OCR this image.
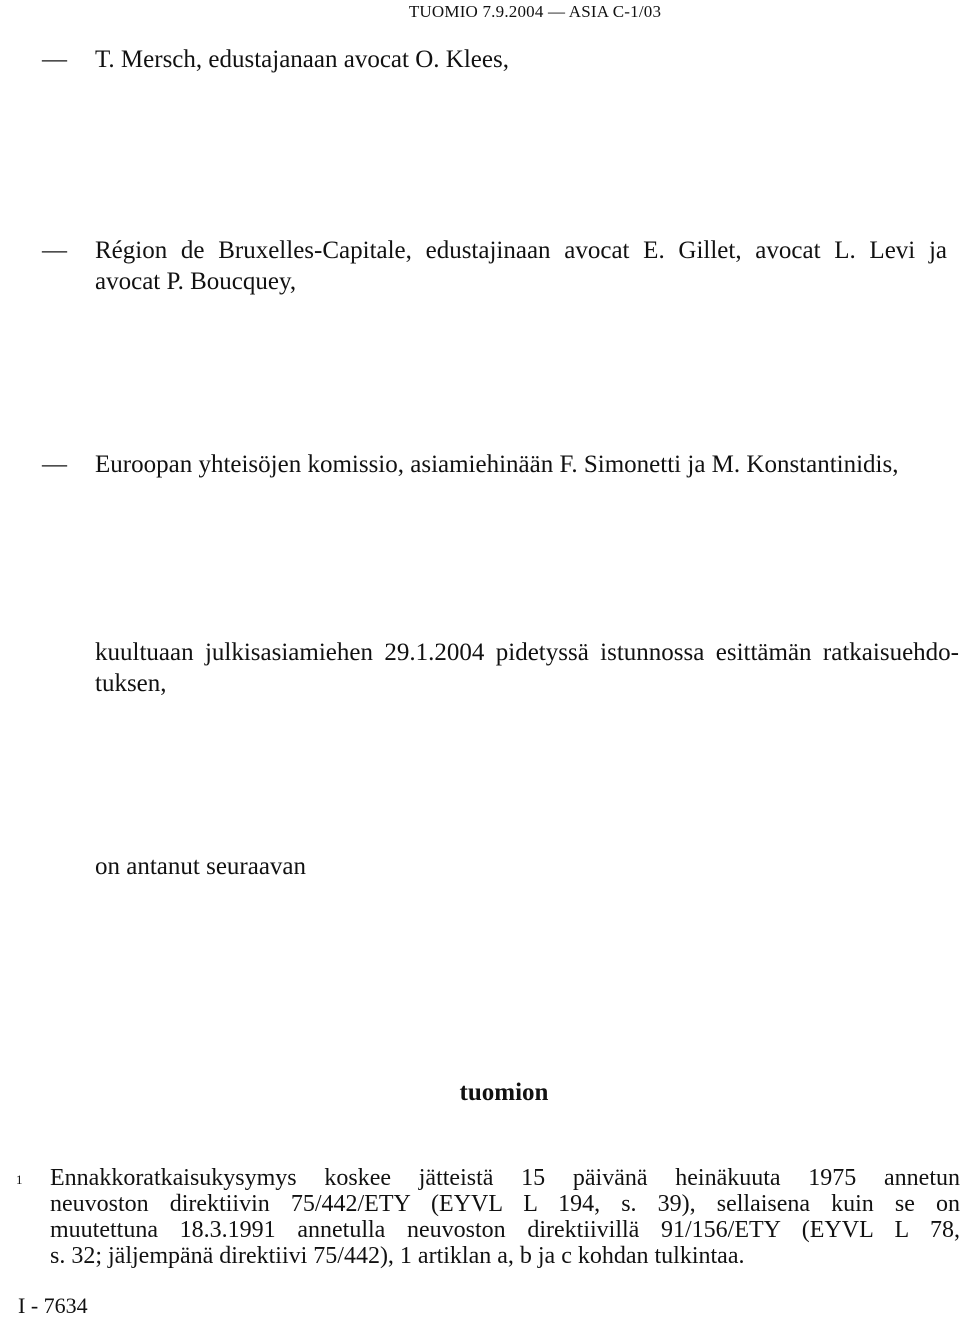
TUOMIO 7.9.2004 — ASIA C-1/03
— T. Mersch, edustajanaan avocat O. Klees,
— Région de Bruxelles-Capitale, edustajinaan avocat E. Gillet, avocat L. Levi ja
avocat P. Boucquey,
— Euroopan yhteisöjen komissio, asiamiehinään F. Simonetti ja M. Konstantinidis,
kuultuaan julkisasiamiehen 29.1.2004 pidetyssä istunnossa esittämän ratkaisuehdo-
tuksen,
on antanut seuraavan
tuomion
1 Ennakkoratkaisukysymys koskee jätteistä 15 päivänä heinäkuuta 1975 annetun
neuvoston direktiivin 75/442/ETY (EYVL L 194, s. 39), sellaisena kuin se on
muutettuna 18.3.1991 annetulla neuvoston direktiivillä 91/156/ETY (EYVL L 78,
s. 32; jäljempänä direktiivi 75/442), 1 artiklan a, b ja c kohdan tulkintaa.
I - 7634
